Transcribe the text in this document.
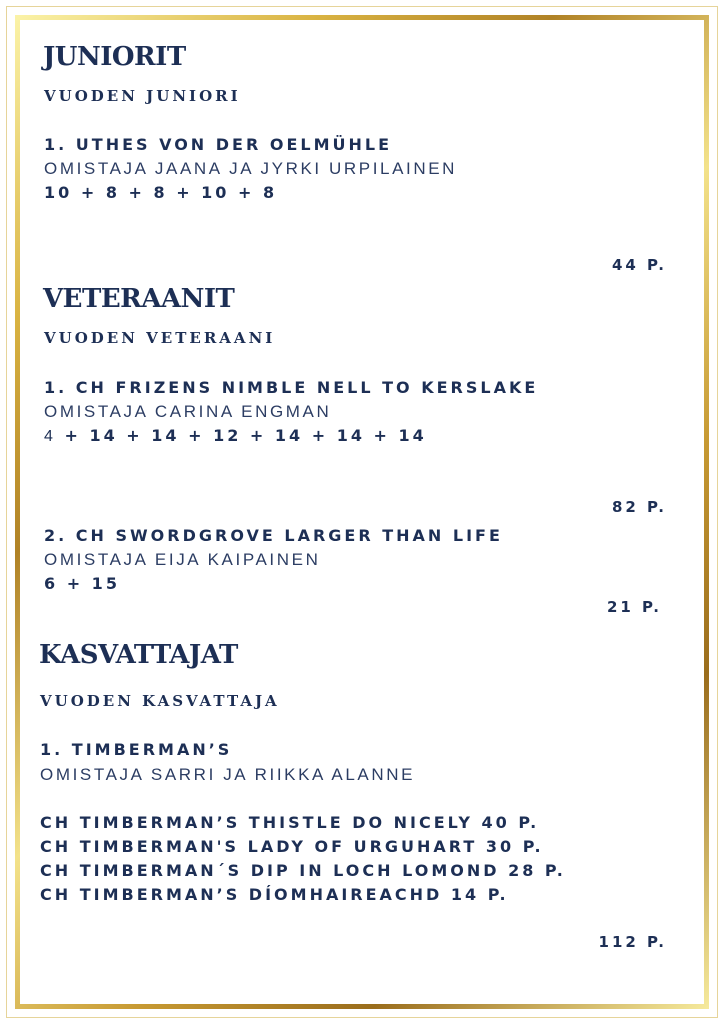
JUNIORIT
VUODEN JUNIORI
1. UTHES VON DER OELMÜHLE
OMISTAJA JAANA JA JYRKI URPILAINEN
10 + 8 + 8 + 10 + 8
44 P.
VETERAANIT
VUODEN VETERAANI
1. CH FRIZENS NIMBLE NELL TO KERSLAKE
OMISTAJA CARINA ENGMAN
4 + 14 + 14 + 12 + 14 + 14 + 14
82 P.
2. CH SWORDGROVE LARGER THAN LIFE
OMISTAJA EIJA KAIPAINEN
6 + 15
21 P.
KASVATTAJAT
VUODEN KASVATTAJA
1. TIMBERMAN’S
OMISTAJA SARRI JA RIIKKA ALANNE
CH TIMBERMAN’S THISTLE DO NICELY 40 P.
CH TIMBERMAN'S LADY OF URGUHART 30 P.
CH TIMBERMAN´S DIP IN LOCH LOMOND 28 P.
CH TIMBERMAN’S DÍOMHAIREACHD 14 P.
112 P.
